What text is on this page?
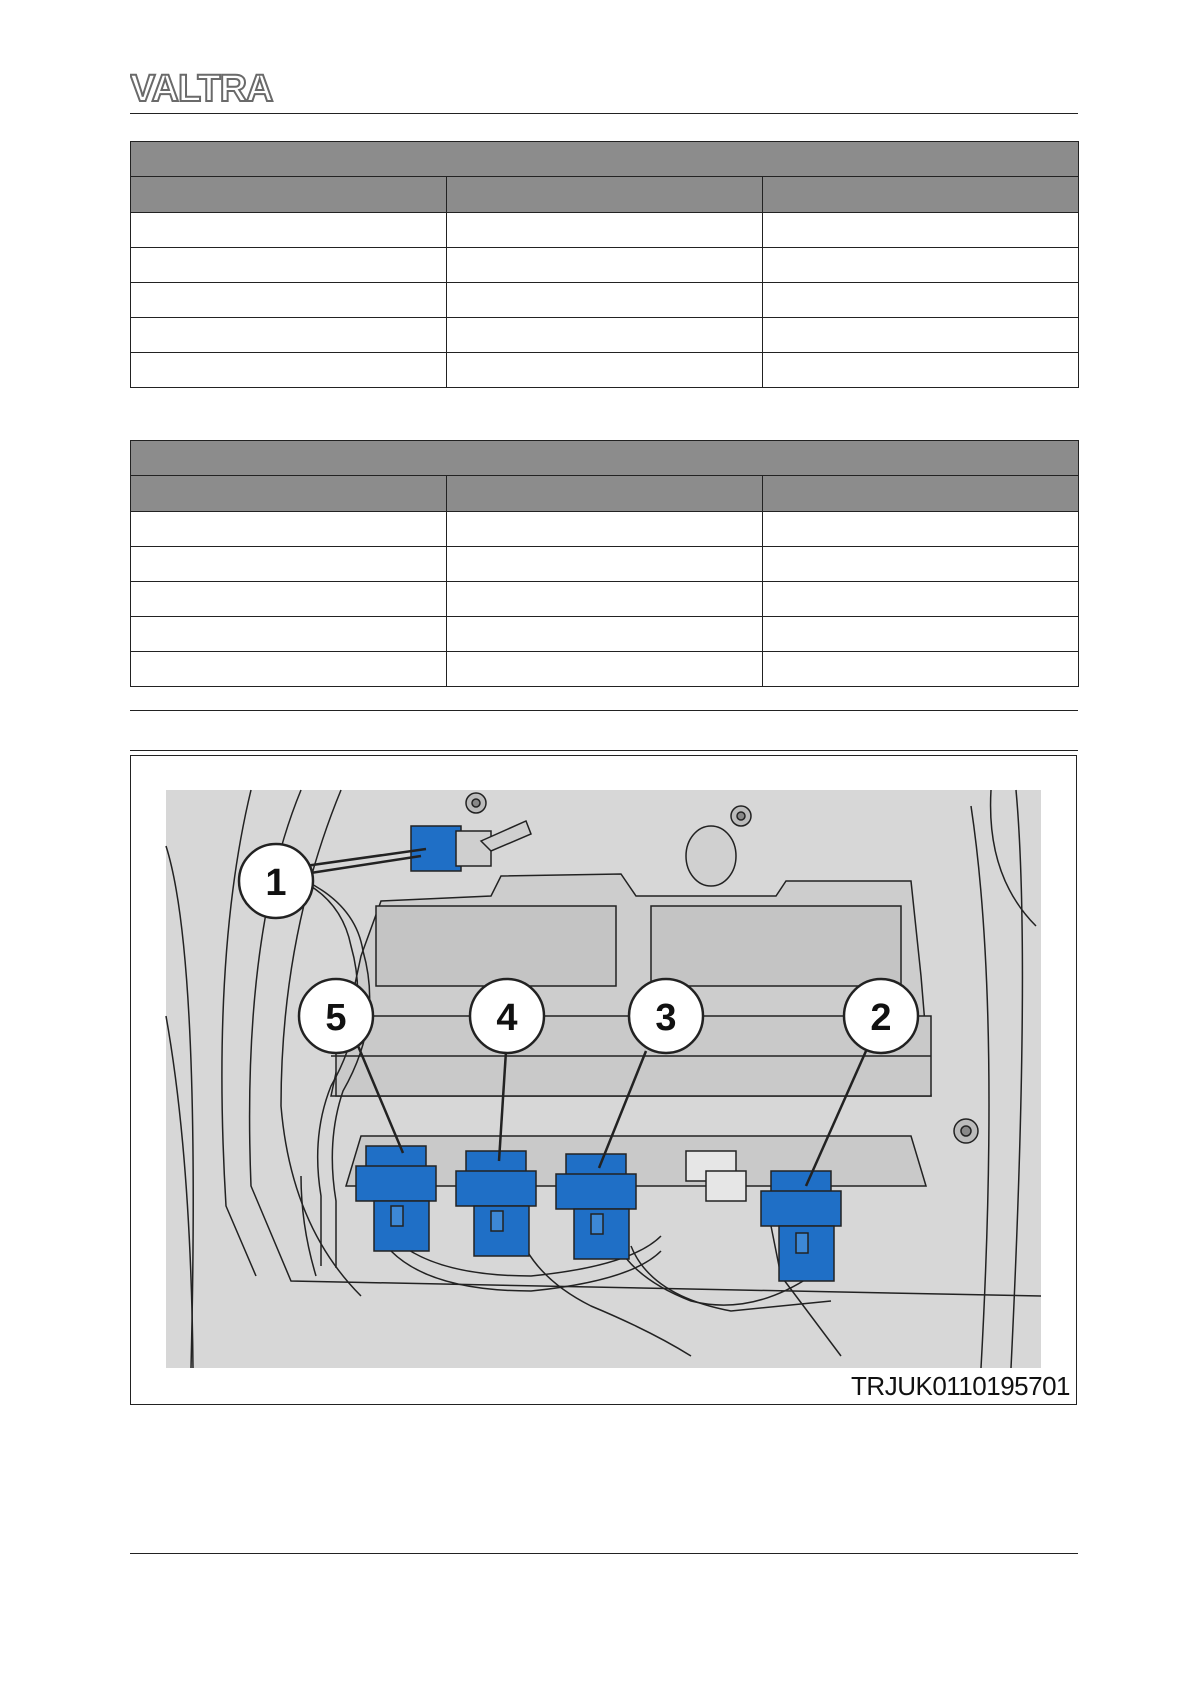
VALTRA

1
5	4	3	2
TRJUK0110195701
